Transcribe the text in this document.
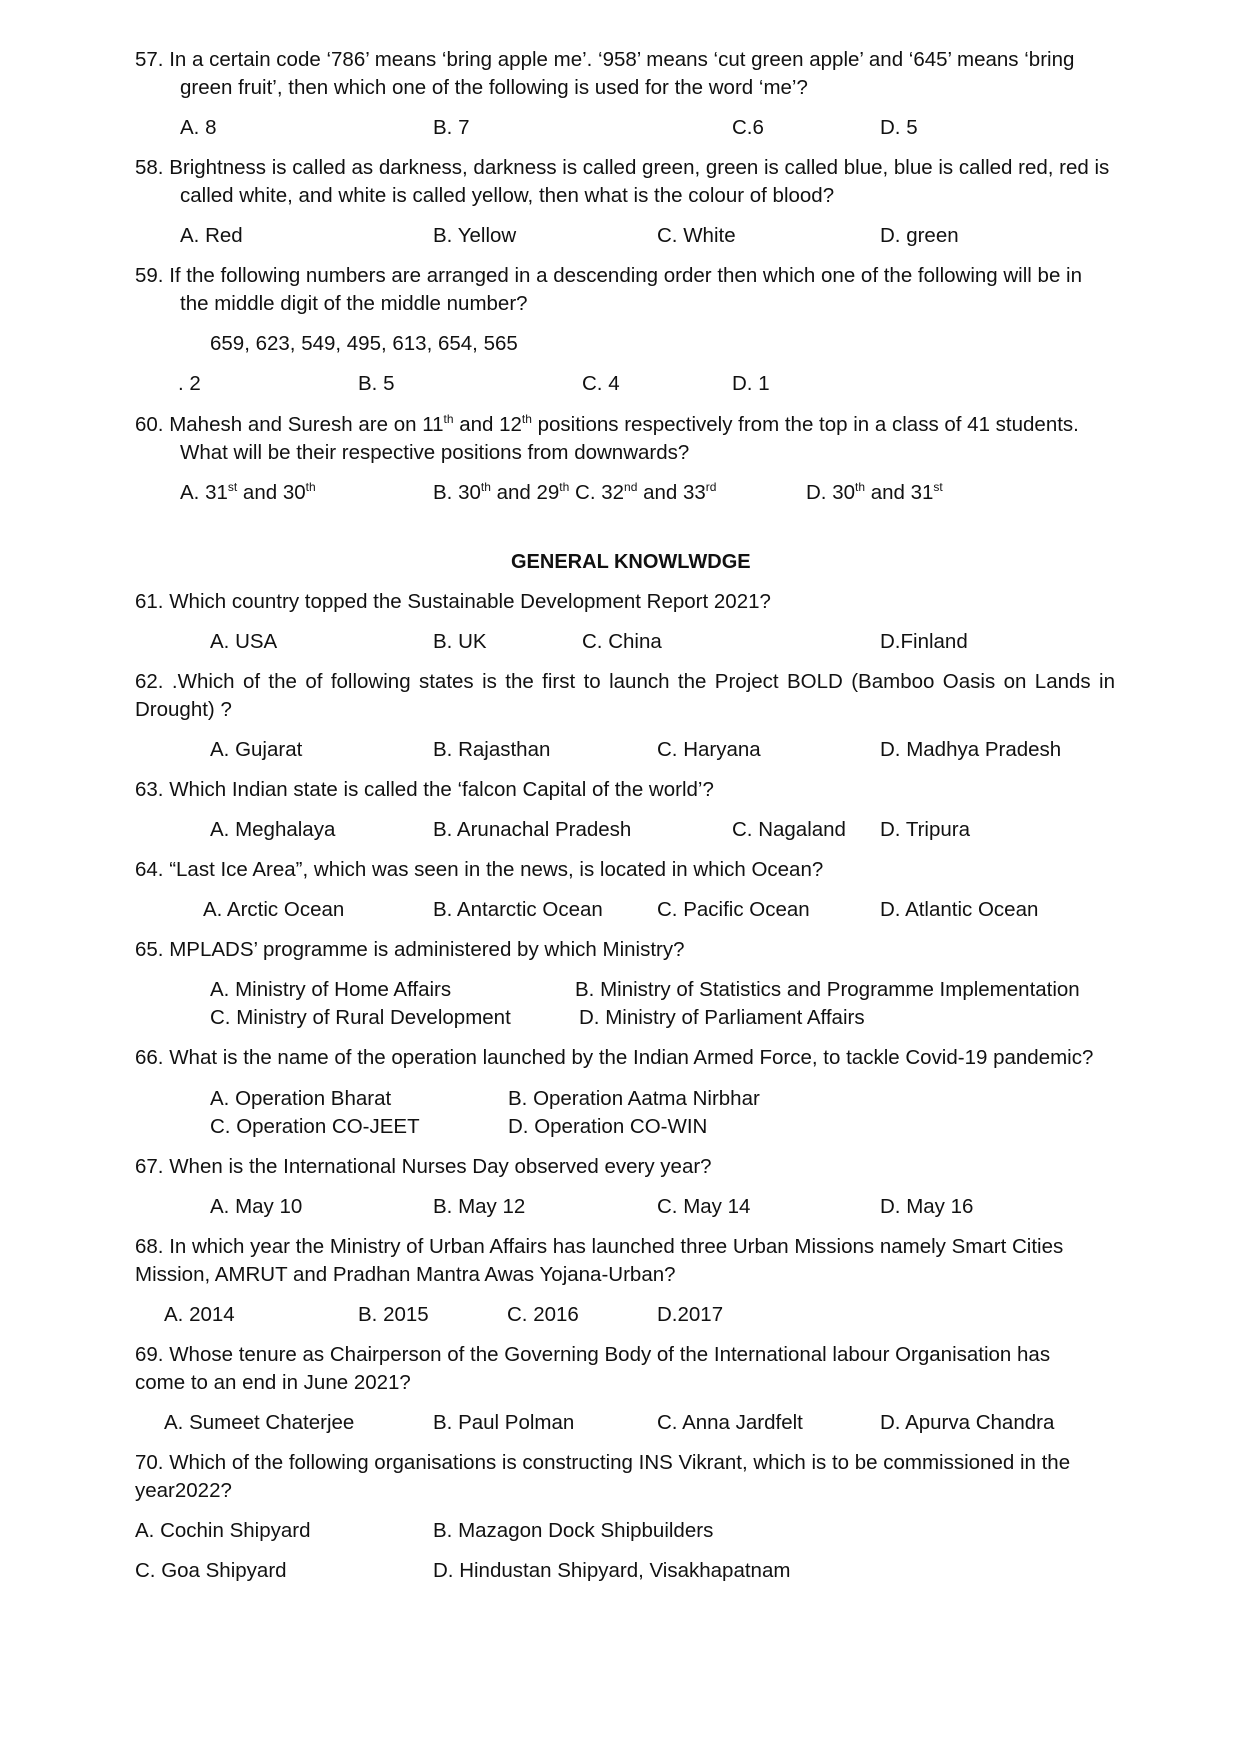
57. In a certain code ‘786’ means ‘bring apple me’. ‘958’ means ‘cut green apple’ and ‘645’ means ‘bring
green fruit’, then which one of the following is used for the word ‘me’?
A. 8	B. 7	C.6	D. 5
58. Brightness is called as darkness, darkness is called green, green is called blue, blue is called red, red is
called white, and white is called yellow, then what is the colour of blood?
A. Red	B. Yellow	C. White	D. green
59. If the following numbers are arranged in a descending order then which one of the following will be in
the middle digit of the middle number?
659, 623, 549, 495, 613, 654, 565
. 2	B. 5	C. 4	D. 1
60. Mahesh and Suresh are on 11th and 12th positions respectively from the top in a class of 41 students.
What will be their respective positions from downwards?
A. 31st and 30th	B. 30th and 29th C. 32nd and 33rd	D. 30th and 31st
GENERAL KNOWLWDGE
61. Which country topped the Sustainable Development Report 2021?
A. USA	B. UK	C. China	D.Finland
62. .Which of the of following states is the first to launch the Project BOLD (Bamboo Oasis on Lands in
Drought) ?
A. Gujarat	B. Rajasthan	C. Haryana	D. Madhya Pradesh
63. Which Indian state is called the ‘falcon Capital of the world’?
A. Meghalaya	B. Arunachal Pradesh	C. Nagaland D. Tripura
64. “Last Ice Area”, which was seen in the news, is located in which Ocean?
A. Arctic Ocean	B. Antarctic Ocean	C. Pacific Ocean	D. Atlantic Ocean
65. MPLADS’ programme is administered by which Ministry?
A. Ministry of Home Affairs	B. Ministry of Statistics and Programme Implementation
C. Ministry of Rural Development	D. Ministry of Parliament Affairs
66. What is the name of the operation launched by the Indian Armed Force, to tackle Covid-19 pandemic?
A. Operation Bharat	B. Operation Aatma Nirbhar
C. Operation CO-JEET	D. Operation CO-WIN
67. When is the International Nurses Day observed every year?
A. May 10	B. May 12	C. May 14	D. May 16
68. In which year the Ministry of Urban Affairs has launched three Urban Missions namely Smart Cities
Mission, AMRUT and Pradhan Mantra Awas Yojana-Urban?
A. 2014	B. 2015	C. 2016	D.2017
69. Whose tenure as Chairperson of the Governing Body of the International labour Organisation has
come to an end in June 2021?
A. Sumeet Chaterjee	B. Paul Polman	C. Anna Jardfelt	D. Apurva Chandra
70. Which of the following organisations is constructing INS Vikrant, which is to be commissioned in the
year2022?
A. Cochin Shipyard	B. Mazagon Dock Shipbuilders
C. Goa Shipyard	D. Hindustan Shipyard, Visakhapatnam
